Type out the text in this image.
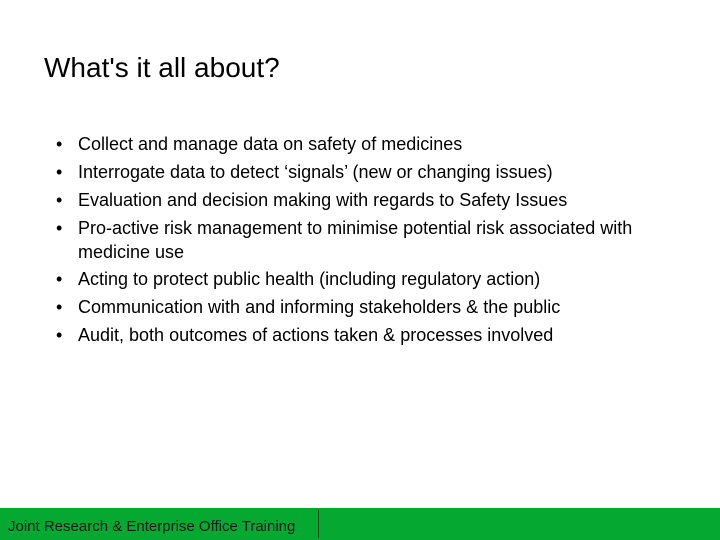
What's it all about?
• Collect and manage data on safety of medicines
• Interrogate data to detect ‘signals’ (new or changing issues)
• Evaluation and decision making with regards to Safety Issues
• Pro-active risk management to minimise potential risk associated with medicine use
• Acting to protect public health (including regulatory action)
• Communication with and informing stakeholders & the public
• Audit, both outcomes of actions taken & processes involved
Joint Research & Enterprise Office Training
